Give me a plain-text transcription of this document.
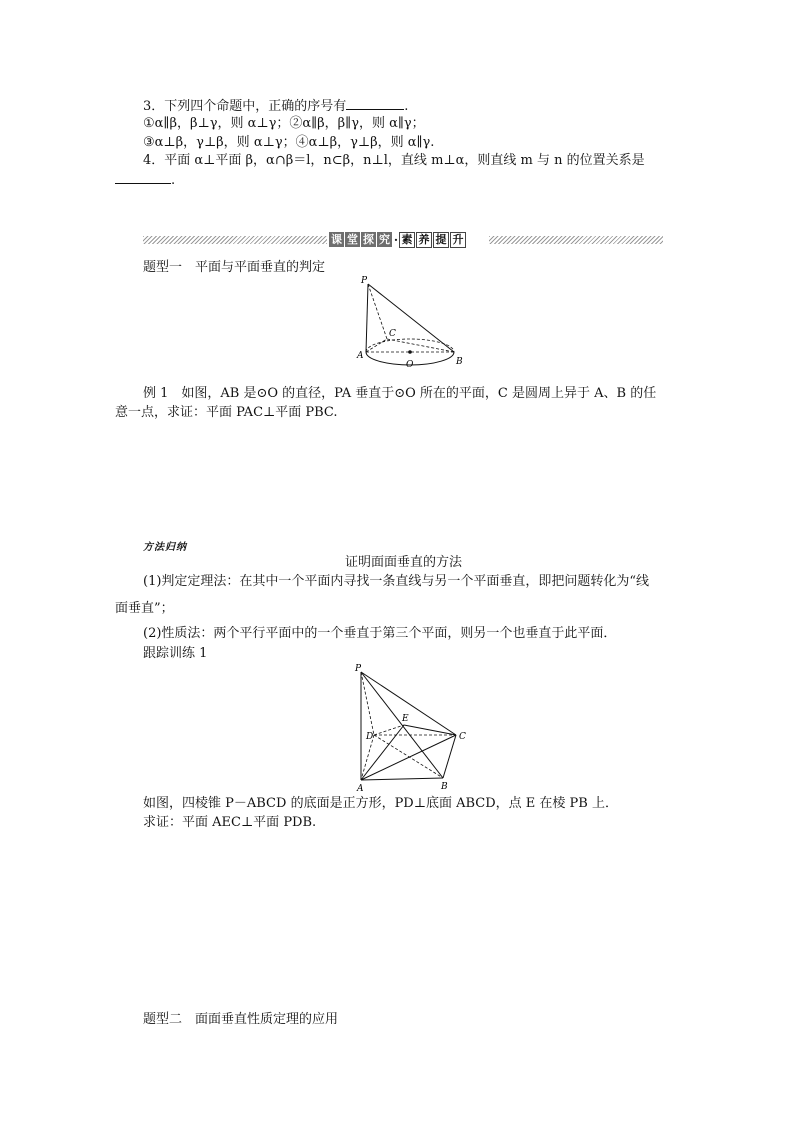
3．下列四个命题中，正确的序号有	.
①α∥β，β⊥γ，则 α⊥γ；②α∥β，β∥γ，则 α∥γ；
③α⊥β，γ⊥β，则 α⊥γ；④α⊥β，γ⊥β，则 α∥γ.
4．平面 α⊥平面 β，α∩β＝l，n⊂β，n⊥l，直线 m⊥α，则直线 m 与 n 的位置关系是
.
课 堂 探 究 · 素 养 提 升
题型一　平面与平面垂直的判定
P
C
A
O	B
例 1　如图，AB 是⊙O 的直径，PA 垂直于⊙O 所在的平面，C 是圆周上异于 A、B 的任
意一点，求证：平面 PAC⊥平面 PBC.
方法归纳
证明面面垂直的方法
(1)判定定理法：在其中一个平面内寻找一条直线与另一个平面垂直，即把问题转化为“线
面垂直”；
(2)性质法：两个平行平面中的一个垂直于第三个平面，则另一个也垂直于此平面．
跟踪训练 1
P
E
D	C
A	B
如图，四棱锥 P－ABCD 的底面是正方形，PD⊥底面 ABCD，点 E 在棱 PB 上．
求证：平面 AEC⊥平面 PDB.
题型二　面面垂直性质定理的应用
